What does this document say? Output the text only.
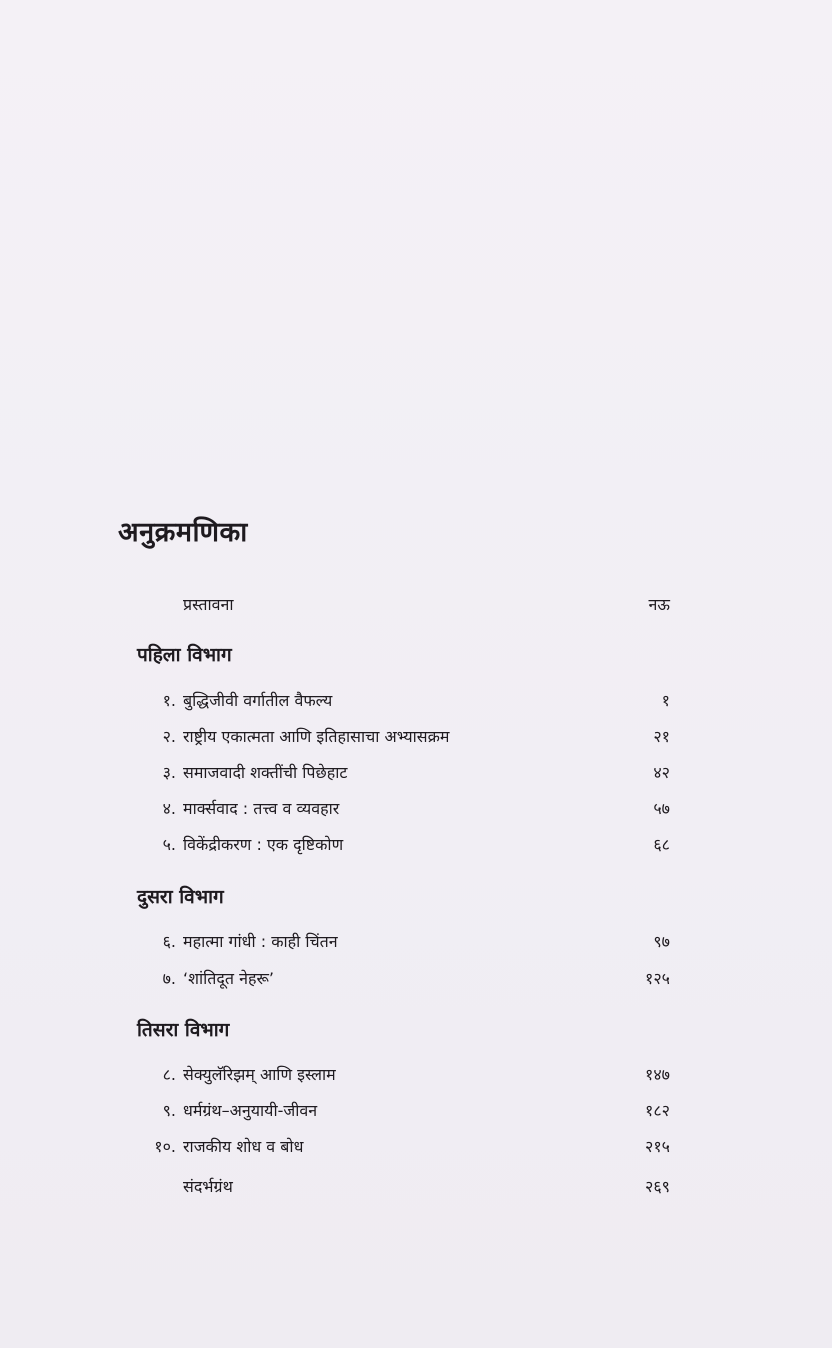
अनुक्रमणिका
प्रस्तावना	नऊ
पहिला विभाग
१. बुद्धिजीवी वर्गातील वैफल्य	१
२. राष्ट्रीय एकात्मता आणि इतिहासाचा अभ्यासक्रम	२१
३. समाजवादी शक्तींची पिछेहाट	४२
४. मार्क्सवाद : तत्त्व व व्यवहार	५७
५. विकेंद्रीकरण : एक दृष्टिकोण	६८
दुसरा विभाग
६. महात्मा गांधी : काही चिंतन	९७
७. ‘शांतिदूत नेहरू’	१२५
तिसरा विभाग
८. सेक्युलॅरिझम् आणि इस्लाम	१४७
९. धर्मग्रंथ–अनुयायी-जीवन	१८२
१०. राजकीय शोध व बोध	२१५
संदर्भग्रंथ	२६९
